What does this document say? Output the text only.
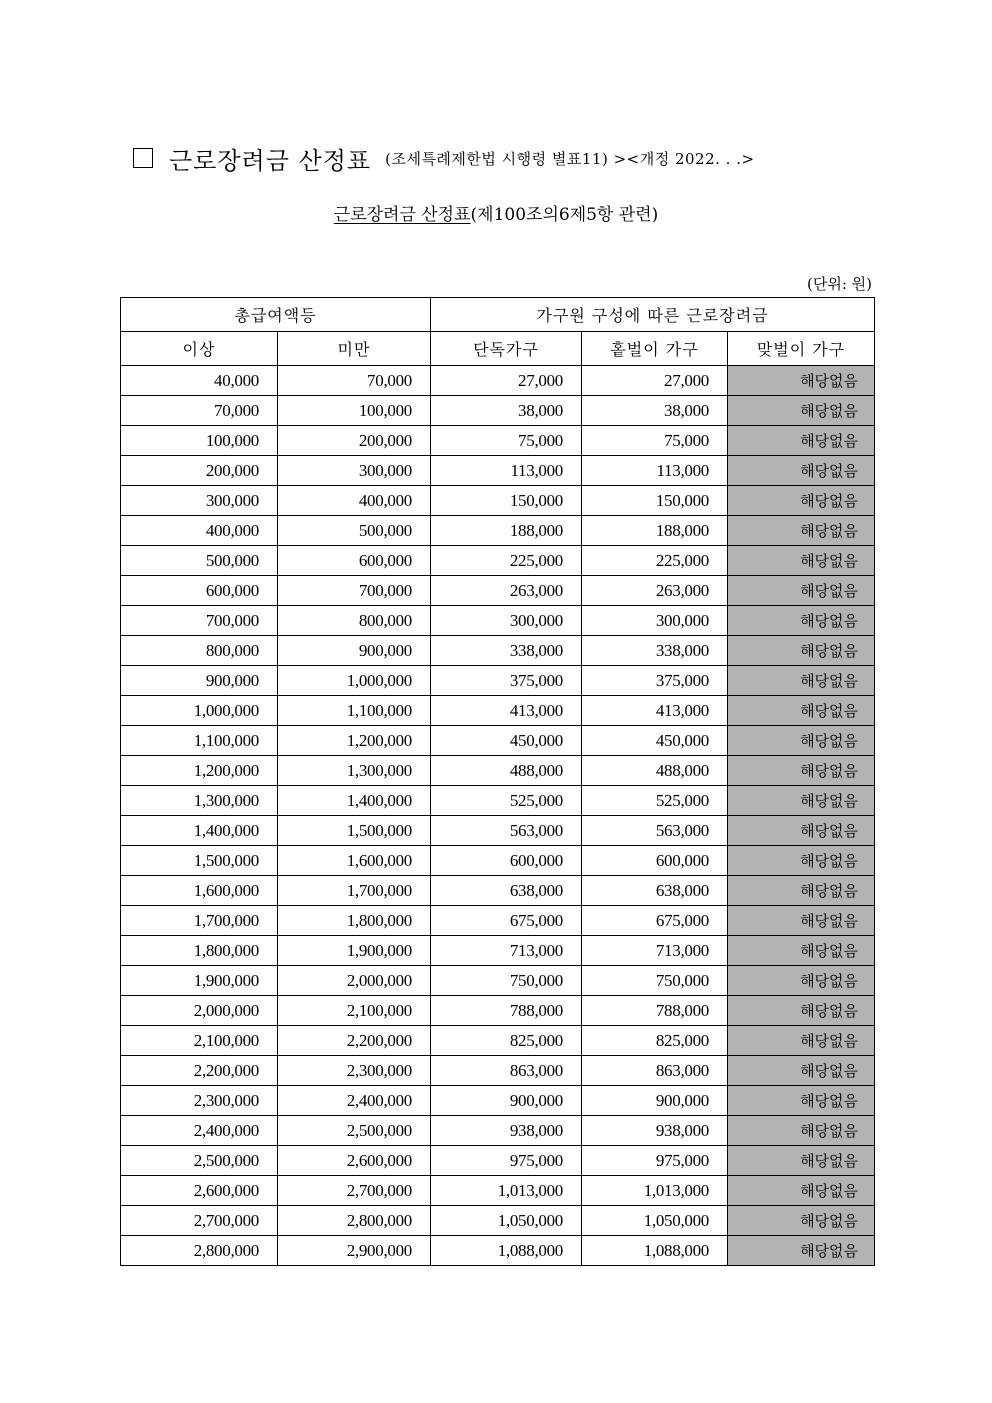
근로장려금 산정표 (조세특례제한법 시행령 별표11) ><개정 2022. . .>
근로장려금 산정표(제100조의6제5항 관련)
(단위: 원)
총급여액등		가구원 구성에 따른 근로장려금		
이상	미만	단독가구	홑벌이 가구	맞벌이 가구
40,000	70,000	27,000	27,000	해당없음
70,000	100,000	38,000	38,000	해당없음
100,000	200,000	75,000	75,000	해당없음
200,000	300,000	113,000	113,000	해당없음
300,000	400,000	150,000	150,000	해당없음
400,000	500,000	188,000	188,000	해당없음
500,000	600,000	225,000	225,000	해당없음
600,000	700,000	263,000	263,000	해당없음
700,000	800,000	300,000	300,000	해당없음
800,000	900,000	338,000	338,000	해당없음
900,000	1,000,000	375,000	375,000	해당없음
1,000,000	1,100,000	413,000	413,000	해당없음
1,100,000	1,200,000	450,000	450,000	해당없음
1,200,000	1,300,000	488,000	488,000	해당없음
1,300,000	1,400,000	525,000	525,000	해당없음
1,400,000	1,500,000	563,000	563,000	해당없음
1,500,000	1,600,000	600,000	600,000	해당없음
1,600,000	1,700,000	638,000	638,000	해당없음
1,700,000	1,800,000	675,000	675,000	해당없음
1,800,000	1,900,000	713,000	713,000	해당없음
1,900,000	2,000,000	750,000	750,000	해당없음
2,000,000	2,100,000	788,000	788,000	해당없음
2,100,000	2,200,000	825,000	825,000	해당없음
2,200,000	2,300,000	863,000	863,000	해당없음
2,300,000	2,400,000	900,000	900,000	해당없음
2,400,000	2,500,000	938,000	938,000	해당없음
2,500,000	2,600,000	975,000	975,000	해당없음
2,600,000	2,700,000	1,013,000	1,013,000	해당없음
2,700,000	2,800,000	1,050,000	1,050,000	해당없음
2,800,000	2,900,000	1,088,000	1,088,000	해당없음
